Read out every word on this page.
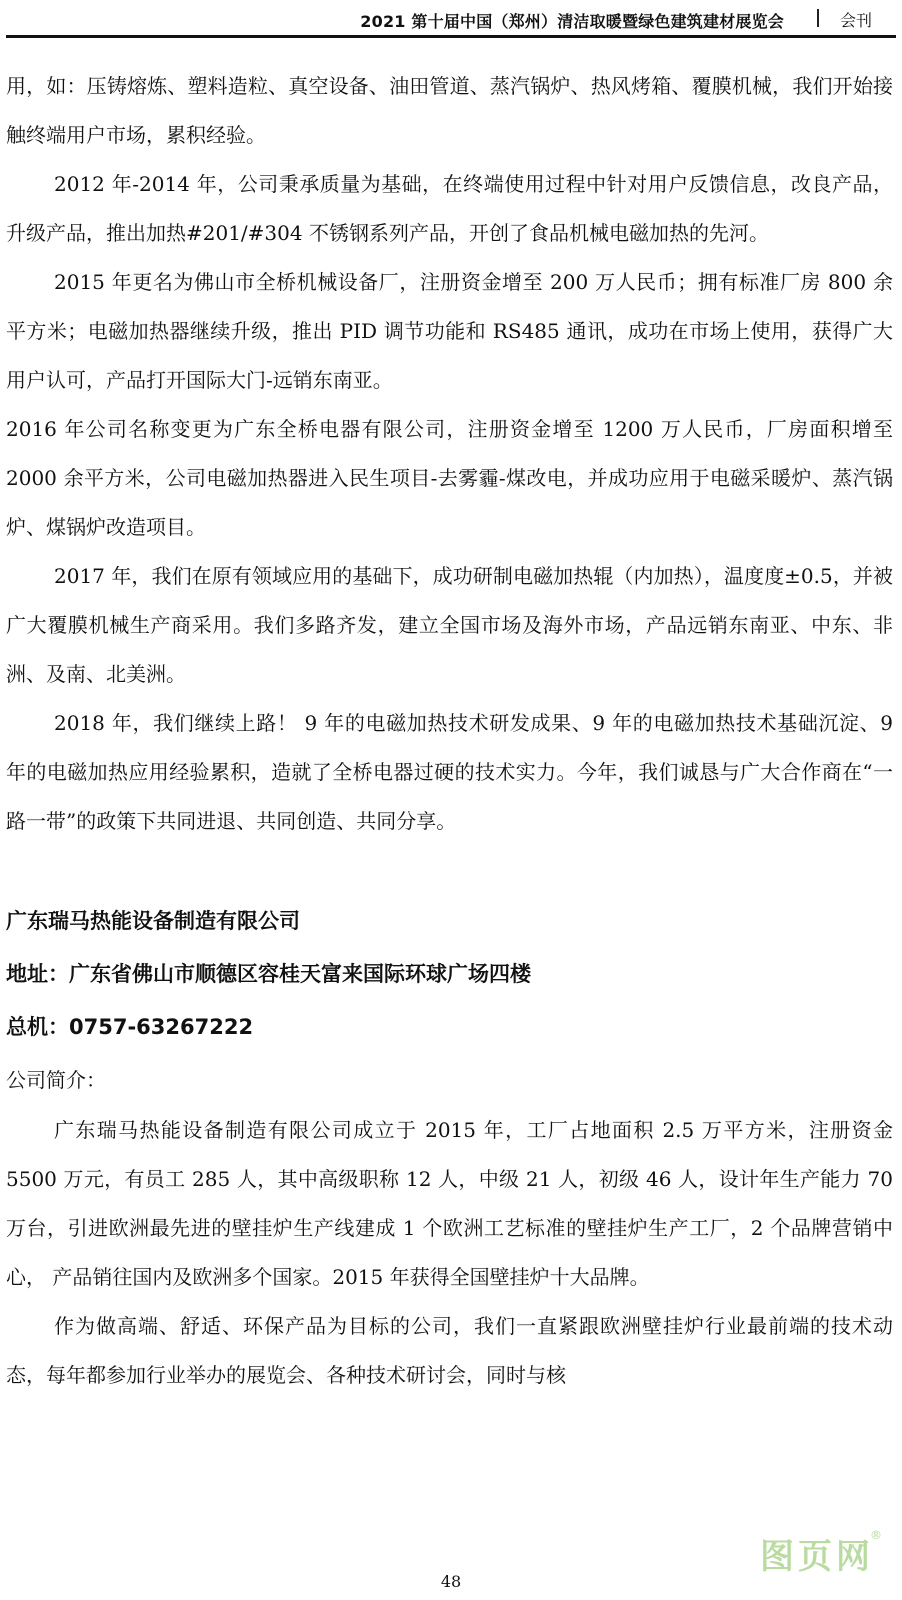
2021 第十届中国（郑州）清洁取暖暨绿色建筑建材展览会	会刊

用，如：压铸熔炼、塑料造粒、真空设备、油田管道、蒸汽锅炉、热风烤箱、覆膜机械，我们开始接触终端用户市场，累积经验。

2012 年-2014 年，公司秉承质量为基础，在终端使用过程中针对用户反馈信息，改良产品，升级产品，推出加热#201/#304 不锈钢系列产品，开创了食品机械电磁加热的先河。

2015 年更名为佛山市全桥机械设备厂，注册资金增至 200 万人民币；拥有标准厂房 800 余平方米；电磁加热器继续升级，推出 PID 调节功能和 RS485 通讯，成功在市场上使用，获得广大用户认可，产品打开国际大门-远销东南亚。

2016 年公司名称变更为广东全桥电器有限公司，注册资金增至 1200 万人民币，厂房面积增至 2000 余平方米，公司电磁加热器进入民生项目-去雾霾-煤改电，并成功应用于电磁采暖炉、蒸汽锅炉、煤锅炉改造项目。

2017 年，我们在原有领域应用的基础下，成功研制电磁加热辊（内加热），温度度±0.5，并被广大覆膜机械生产商采用。我们多路齐发，建立全国市场及海外市场，产品远销东南亚、中东、非洲、及南、北美洲。

2018 年，我们继续上路！ 9 年的电磁加热技术研发成果、9 年的电磁加热技术基础沉淀、9 年的电磁加热应用经验累积，造就了全桥电器过硬的技术实力。今年，我们诚恳与广大合作商在“一路一带”的政策下共同进退、共同创造、共同分享。

广东瑞马热能设备制造有限公司

地址：广东省佛山市顺德区容桂天富来国际环球广场四楼

总机：0757-63267222

公司简介：

广东瑞马热能设备制造有限公司成立于 2015 年，工厂占地面积 2.5 万平方米，注册资金 5500 万元，有员工 285 人，其中高级职称 12 人，中级 21 人，初级 46 人，设计年生产能力 70 万台，引进欧洲最先进的壁挂炉生产线建成 1 个欧洲工艺标准的壁挂炉生产工厂，2 个品牌营销中心， 产品销往国内及欧洲多个国家。2015 年获得全国壁挂炉十大品牌。

作为做高端、舒适、环保产品为目标的公司，我们一直紧跟欧洲壁挂炉行业最前端的技术动态，每年都参加行业举办的展览会、各种技术研讨会，同时与核

48
图页网
®
